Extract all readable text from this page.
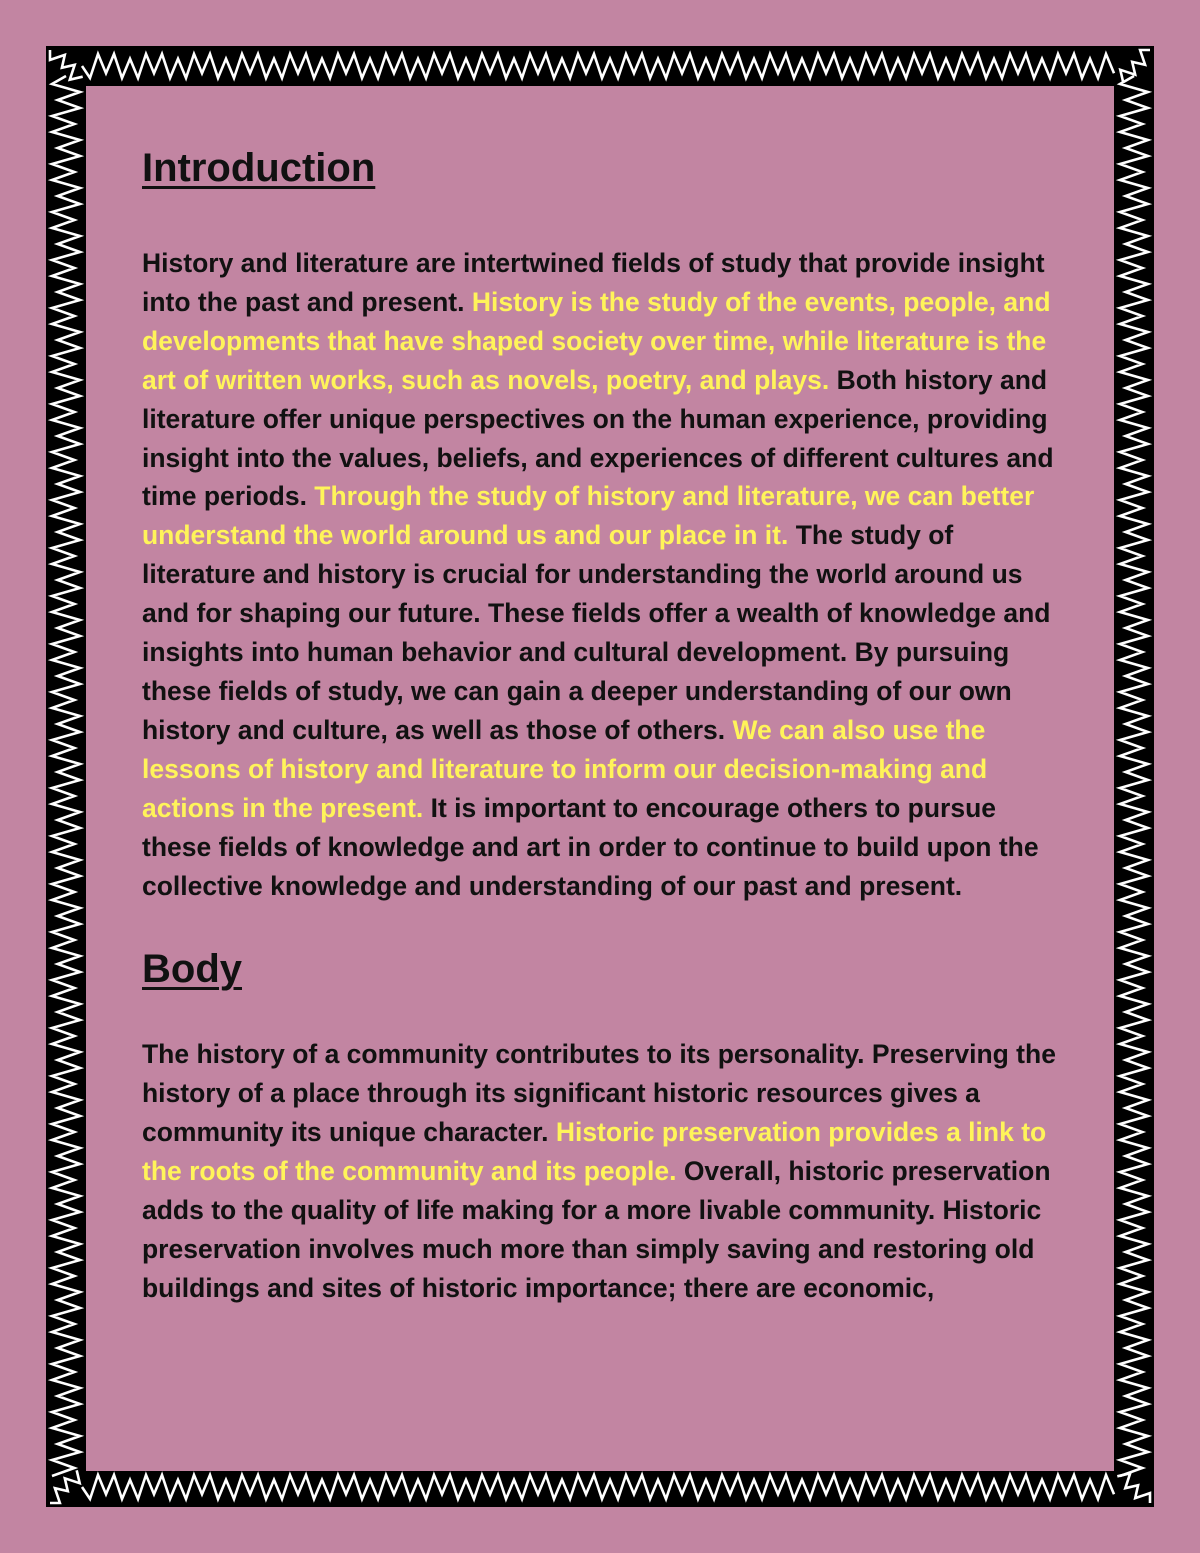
Introduction

History and literature are intertwined fields of study that provide insight into the past and present. History is the study of the events, people, and developments that have shaped society over time, while literature is the art of written works, such as novels, poetry, and plays. Both history and literature offer unique perspectives on the human experience, providing insight into the values, beliefs, and experiences of different cultures and time periods. Through the study of history and literature, we can better understand the world around us and our place in it. The study of literature and history is crucial for understanding the world around us and for shaping our future. These fields offer a wealth of knowledge and insights into human behavior and cultural development. By pursuing these fields of study, we can gain a deeper understanding of our own history and culture, as well as those of others. We can also use the lessons of history and literature to inform our decision-making and actions in the present. It is important to encourage others to pursue these fields of knowledge and art in order to continue to build upon the collective knowledge and understanding of our past and present.

Body

The history of a community contributes to its personality. Preserving the history of a place through its significant historic resources gives a community its unique character. Historic preservation provides a link to the roots of the community and its people. Overall, historic preservation adds to the quality of life making for a more livable community. Historic preservation involves much more than simply saving and restoring old buildings and sites of historic importance; there are economic,
